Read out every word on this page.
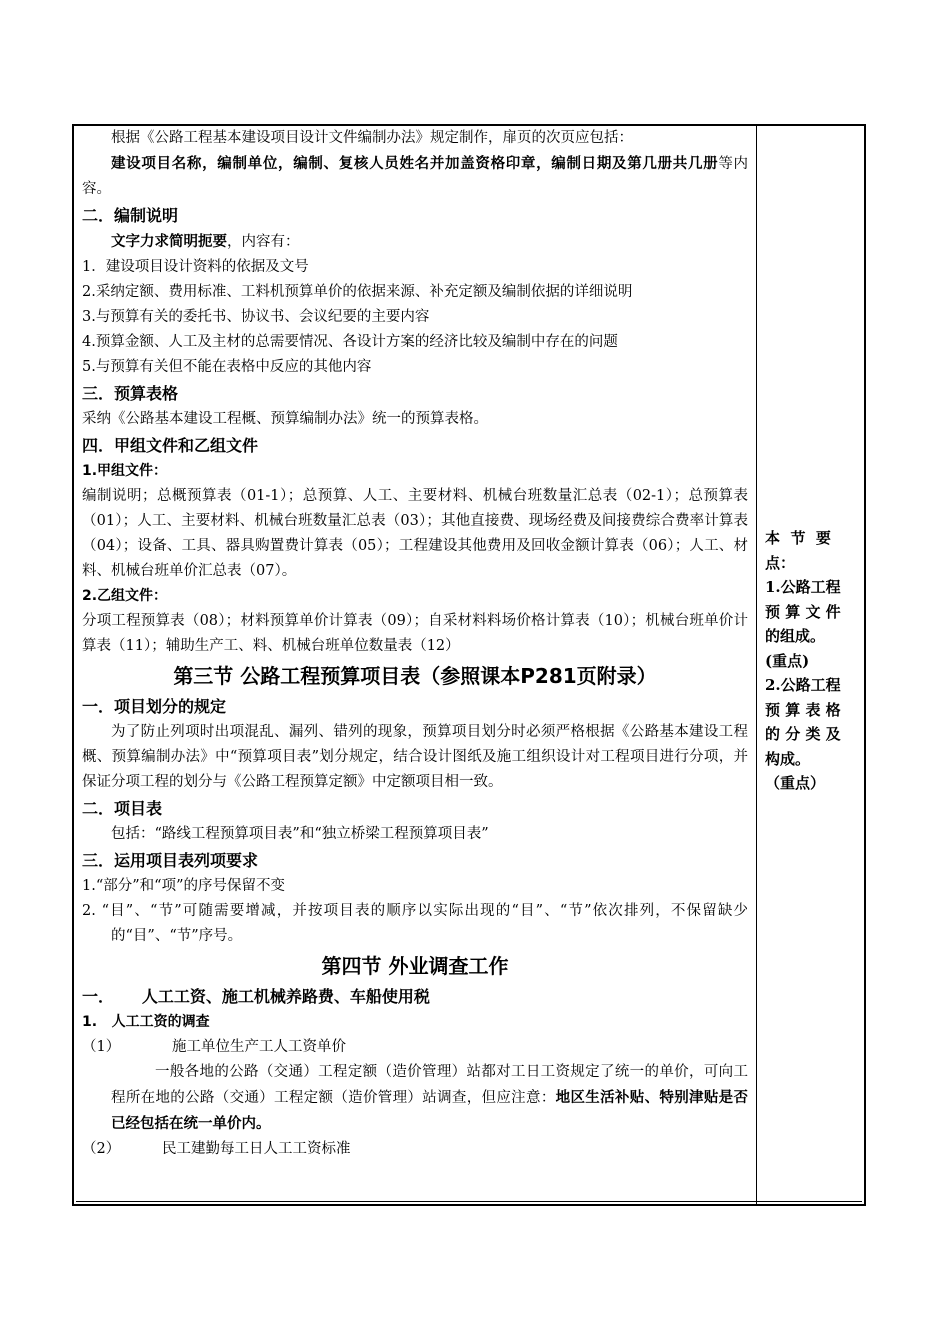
根据《公路工程基本建设项目设计文件编制办法》规定制作，扉页的次页应包括：

建设项目名称，编制单位，编制、复核人员姓名并加盖资格印章，编制日期及第几册共几册等内容。

二．编制说明

文字力求简明扼要，内容有：

1．建设项目设计资料的依据及文号

2.采纳定额、费用标准、工料机预算单价的依据来源、补充定额及编制依据的详细说明

3.与预算有关的委托书、协议书、会议纪要的主要内容

4.预算金额、人工及主材的总需要情况、各设计方案的经济比较及编制中存在的问题

5.与预算有关但不能在表格中反应的其他内容

三．预算表格

采纳《公路基本建设工程概、预算编制办法》统一的预算表格。

四．甲组文件和乙组文件

1.甲组文件：

编制说明；总概预算表（01-1）；总预算、人工、主要材料、机械台班数量汇总表（02-1）；总预算表（01）；人工、主要材料、机械台班数量汇总表（03）；其他直接费、现场经费及间接费综合费率计算表（04）；设备、工具、器具购置费计算表（05）；工程建设其他费用及回收金额计算表（06）；人工、材料、机械台班单价汇总表（07）。

2.乙组文件：

分项工程预算表（08）；材料预算单价计算表（09）；自采材料料场价格计算表（10）；机械台班单价计算表（11）；辅助生产工、料、机械台班单位数量表（12）

第三节 公路工程预算项目表（参照课本P281页附录）

一．项目划分的规定

为了防止列项时出项混乱、漏列、错列的现象，预算项目划分时必须严格根据《公路基本建设工程概、预算编制办法》中“预算项目表”划分规定，结合设计图纸及施工组织设计对工程项目进行分项，并保证分项工程的划分与《公路工程预算定额》中定额项目相一致。

二．项目表

包括：“路线工程预算项目表”和“独立桥梁工程预算项目表”

三．运用项目表列项要求

1.“部分”和“项”的序号保留不变

2. “目”、“节”可随需要增减，并按项目表的顺序以实际出现的“目”、“节”依次排列，不保留缺少的“目”、“节”序号。

第四节 外业调查工作

一．     人工工资、施工机械养路费、车船使用税

1.   人工工资的调查

（1）	施工单位生产工人工资单价

一般各地的公路（交通）工程定额（造价管理）站都对工日工资规定了统一的单价，可向工程所在地的公路（交通）工程定额（造价管理）站调查，但应注意：地区生活补贴、特别津贴是否已经包括在统一单价内。

（2）	民工建勤每工日人工工资标准

本  节  要
点：
1.公路工程
预 算 文 件
的组成。
(重点)
2.公路工程
预 算 表 格
的 分 类 及
构成。
（重点）
